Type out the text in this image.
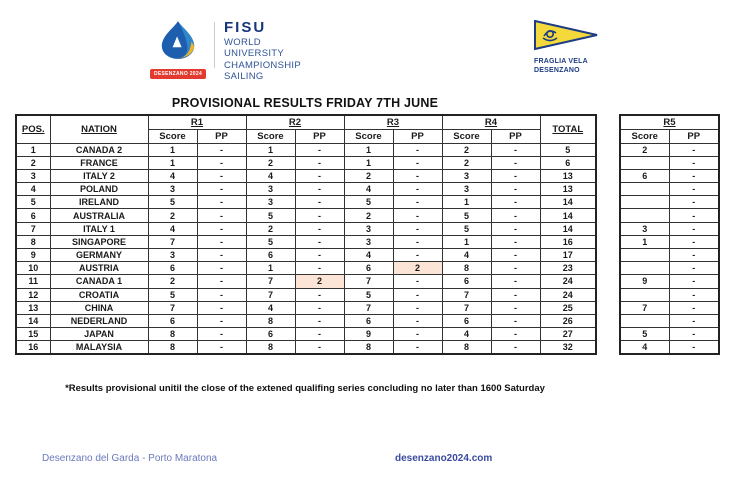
DESENZANO 2024
FISU
WORLD
UNIVERSITY
CHAMPIONSHIP
SAILING
FRAGLIA VELA
DESENZANO
PROVISIONAL RESULTS FRIDAY 7TH JUNE
POS.	NATION	R1		R2		R3		R4		TOTAL
		Score	PP	Score	PP	Score	PP	Score	PP	
1	CANADA 2	1	-	1	-	1	-	2	-	5
2	FRANCE	1	-	2	-	1	-	2	-	6
3	ITALY 2	4	-	4	-	2	-	3	-	13
4	POLAND	3	-	3	-	4	-	3	-	13
5	IRELAND	5	-	3	-	5	-	1	-	14
6	AUSTRALIA	2	-	5	-	2	-	5	-	14
7	ITALY 1	4	-	2	-	3	-	5	-	14
8	SINGAPORE	7	-	5	-	3	-	1	-	16
9	GERMANY	3	-	6	-	4	-	4	-	17
10	AUSTRIA	6	-	1	-	6	2	8	-	23
11	CANADA 1	2	-	7	2	7	-	6	-	24
12	CROATIA	5	-	7	-	5	-	7	-	24
13	CHINA	7	-	4	-	7	-	7	-	25
14	NEDERLAND	6	-	8	-	6	-	6	-	26
15	JAPAN	8	-	6	-	9	-	4	-	27
16	MALAYSIA	8	-	8	-	8	-	8	-	32
R5	
Score	PP
2	-
	-
6	-
	-
	-
	-
3	-
1	-
	-
	-
9	-
	-
7	-
	-
5	-
4	-
*Results provisional unitil the close of the extened qualifing series concluding no later than 1600 Saturday
Desenzano del Garda - Porto Maratona	desenzano2024.com
